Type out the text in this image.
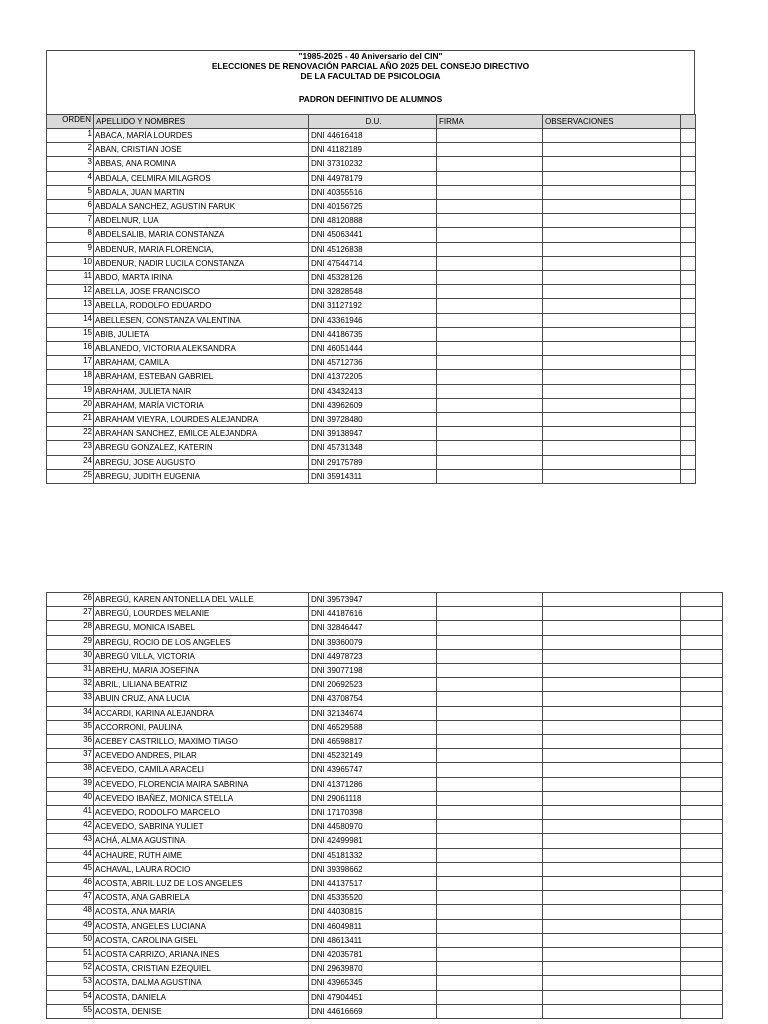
"1985-2025 - 40 Aniversario del CIN"
ELECCIONES DE RENOVACIÓN PARCIAL AÑO 2025 DEL CONSEJO DIRECTIVO
DE LA FACULTAD DE PSICOLOGIA
PADRON DEFINITIVO DE ALUMNOS
ORDEN	APELLIDO Y NOMBRES	D.U.	FIRMA	OBSERVACIONES	
1	ABACA, MARÍA LOURDES	DNI 44616418			
2	ABAN, CRISTIAN JOSE	DNI 41182189			
3	ABBAS, ANA ROMINA	DNI 37310232			
4	ABDALA, CELMIRA MILAGROS	DNI 44978179			
5	ABDALA, JUAN MARTIN	DNI 40355516			
6	ABDALA SANCHEZ, AGUSTIN FARUK	DNI 40156725			
7	ABDELNUR, LUA	DNI 48120888			
8	ABDELSALIB, MARIA CONSTANZA	DNI 45063441			
9	ABDENUR, MARIA FLORENCIA,	DNI 45126838			
10	ABDENUR, NADIR LUCILA CONSTANZA	DNI 47544714			
11	ABDO, MARTA IRINA	DNI 45328126			
12	ABELLA, JOSE FRANCISCO	DNI 32828548			
13	ABELLA, RODOLFO EDUARDO	DNI 31127192			
14	ABELLESEN, CONSTANZA VALENTINA	DNI 43361946			
15	ABIB, JULIETA	DNI 44186735			
16	ABLANEDO, VICTORIA ALEKSANDRA	DNI 46051444			
17	ABRAHAM, CAMILA	DNI 45712736			
18	ABRAHAM, ESTEBAN GABRIEL	DNI 41372205			
19	ABRAHAM, JULIETA NAIR	DNI 43432413			
20	ABRAHAM, MARÍA VICTORIA	DNI 43962609			
21	ABRAHAM VIEYRA, LOURDES ALEJANDRA	DNI 39728480			
22	ABRAHAN SANCHEZ, EMILCE ALEJANDRA	DNI 39138947			
23	ABREGU GONZALEZ, KATERIN	DNI 45731348			
24	ABREGU, JOSE AUGUSTO	DNI 29175789			
25	ABREGU, JUDITH EUGENIA	DNI 35914311			
26	ABREGÚ, KAREN ANTONELLA DEL VALLE	DNI 39573947			
27	ABREGÚ, LOURDES MELANIE	DNI 44187616			
28	ABREGU, MONICA ISABEL	DNI 32846447			
29	ABREGU, ROCIO DE LOS ANGELES	DNI 39360079			
30	ABREGÚ VILLA, VICTORIA	DNI 44978723			
31	ABREHU, MARIA JOSEFINA	DNI 39077198			
32	ABRIL, LILIANA BEATRIZ	DNI 20692523			
33	ABUIN CRUZ, ANA LUCIA	DNI 43708754			
34	ACCARDI, KARINA ALEJANDRA	DNI 32134674			
35	ACCORRONI, PAULINA	DNI 46529588			
36	ACEBEY CASTRILLO, MAXIMO TIAGO	DNI 46598817			
37	ACEVEDO ANDRES, PILAR	DNI 45232149			
38	ACEVEDO, CAMILA ARACELI	DNI 43965747			
39	ACEVEDO, FLORENCIA MAIRA SABRINA	DNI 41371286			
40	ACEVEDO IBAÑEZ, MONICA STELLA	DNI 29061118			
41	ACEVEDO, RODOLFO MARCELO	DNI 17170398			
42	ACEVEDO, SABRINA YULIET	DNI 44580970			
43	ACHÁ, ALMA AGUSTINA	DNI 42499981			
44	ACHAURE, RUTH AIME	DNI 45181332			
45	ACHAVAL, LAURA ROCIO	DNI 39398662			
46	ACOSTA, ABRIL LUZ DE LOS ANGELES	DNI 44137517			
47	ACOSTA, ANA GABRIELA	DNI 45335520			
48	ACOSTA, ANA MARIA	DNI 44030815			
49	ACOSTA, ANGELES LUCIANA	DNI 46049811			
50	ACOSTA, CAROLINA GISEL	DNI 48613411			
51	ACOSTA CARRIZO, ARIANA INES	DNI 42035781			
52	ACOSTA, CRISTIAN EZEQUIEL	DNI 29639870			
53	ACOSTA, DALMA AGUSTINA	DNI 43965345			
54	ACOSTA, DANIELA	DNI 47904451			
55	ACOSTA, DENISE	DNI 44616669			
